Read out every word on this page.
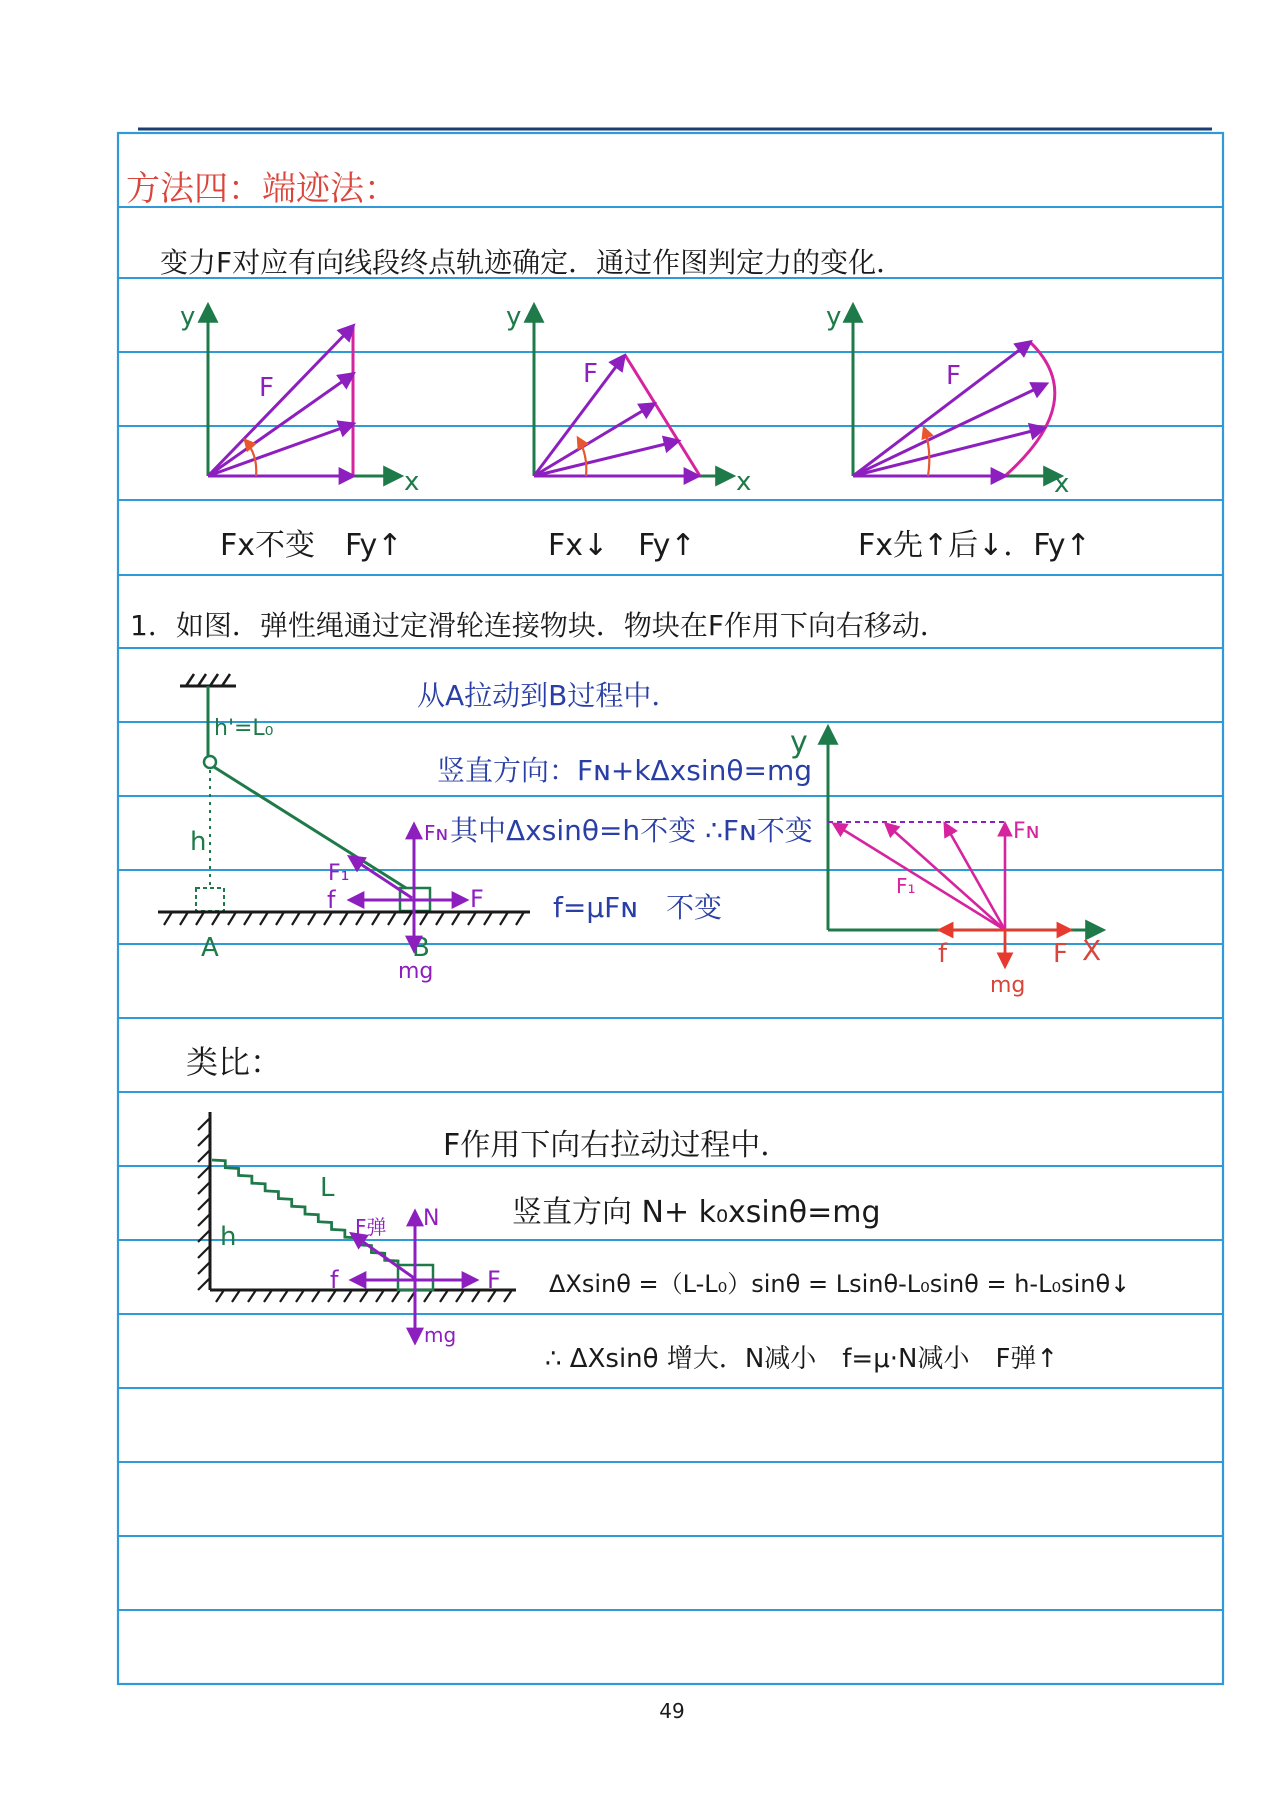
方法四：端迹法：
变力F对应有向线段终点轨迹确定．通过作图判定力的变化．
y
x
F
Fx不变　Fy↑
y
x
F
Fx↓　Fy↑
y
x
F
Fx先↑后↓．Fy↑
1．如图．弹性绳通过定滑轮连接物块．物块在F作用下向右移动．
h'=L₀
h
A	B
Fɴ
F₁
f	F
mg
从A拉动到B过程中．
竖直方向：Fɴ+kΔxsinθ=mg
其中Δxsinθ=h不变 ∴Fɴ不变
f=μFɴ　不变
y
X
Fɴ
F₁
f	F
mg
类比：
L
h
N
F弹
f	F
mg
F作用下向右拉动过程中．
竖直方向 N+ k₀xsinθ=mg
ΔXsinθ =（L-L₀）sinθ = Lsinθ-L₀sinθ = h-L₀sinθ↓
∴ ΔXsinθ 增大．N减小　f=μ·N减小　F弹↑
49
